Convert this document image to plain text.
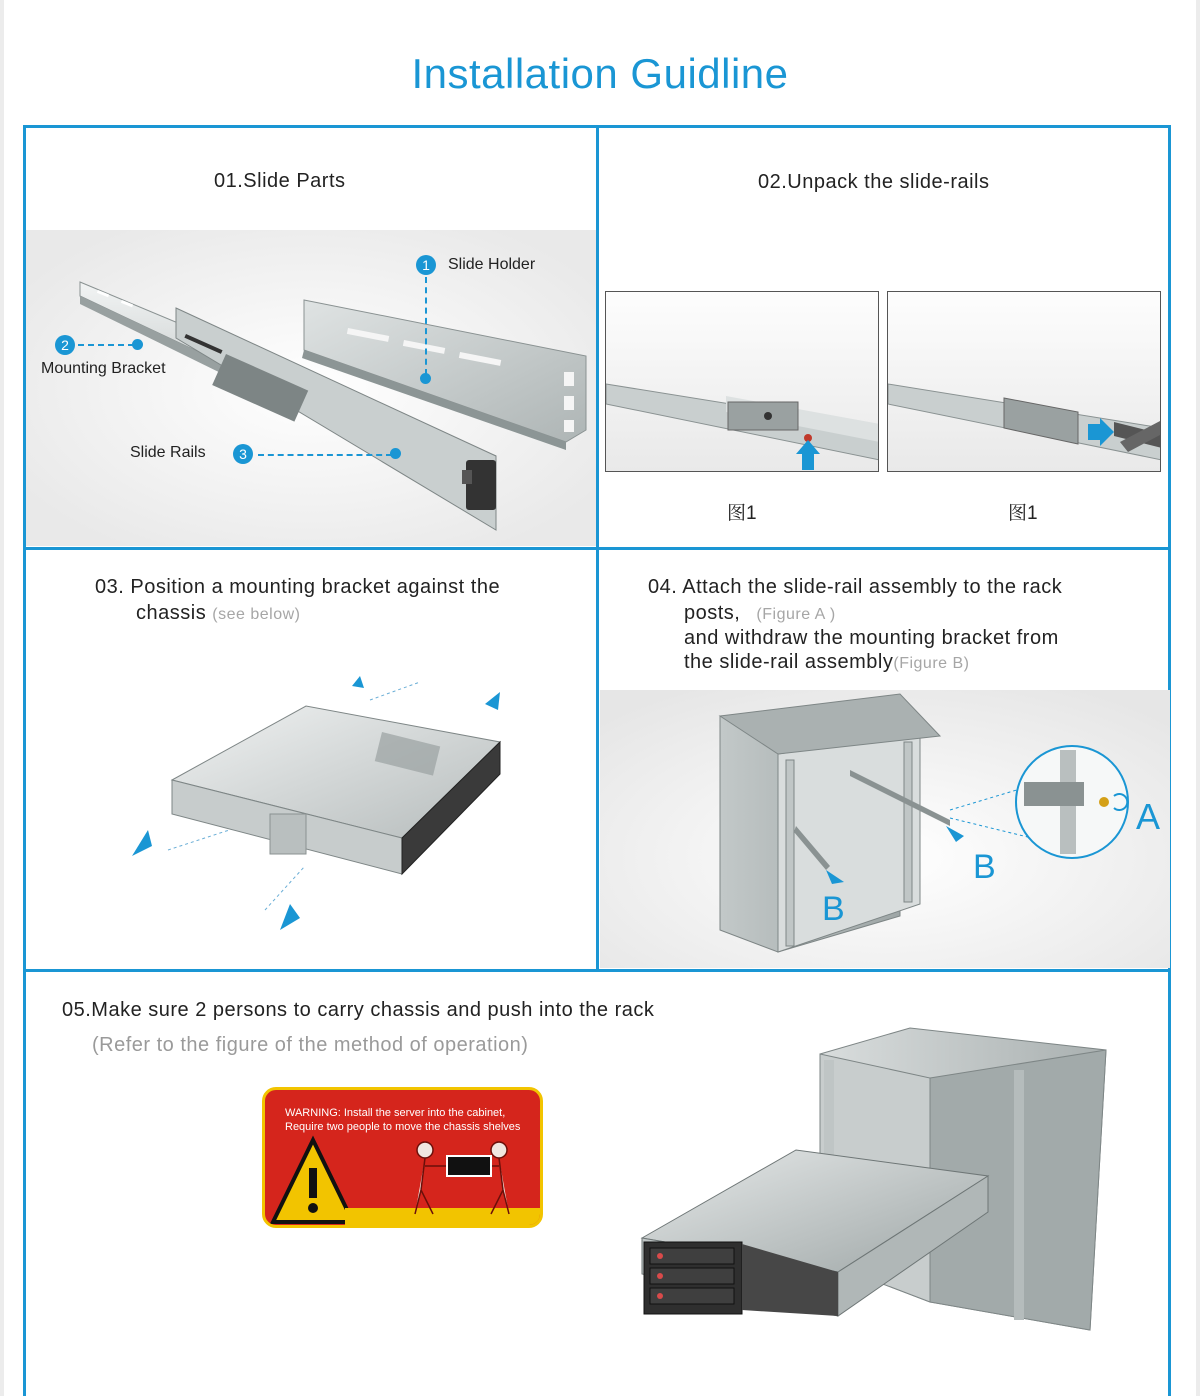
Installation Guidline
01.Slide Parts
1	Slide Holder
2
Mounting Bracket
Slide Rails	3
02.Unpack the slide-rails
图1	图1
03. Position a mounting bracket against the
chassis (see below)
04. Attach the slide-rail assembly to the rack
posts, (Figure A )
and withdraw the mounting bracket from
the slide-rail assembly(Figure B)
A
B
B
05.Make sure 2 persons to carry chassis and push into the rack
(Refer to the figure of the method of operation)
WARNING: Install the server into the cabinet,
Require two people to move the chassis shelves
